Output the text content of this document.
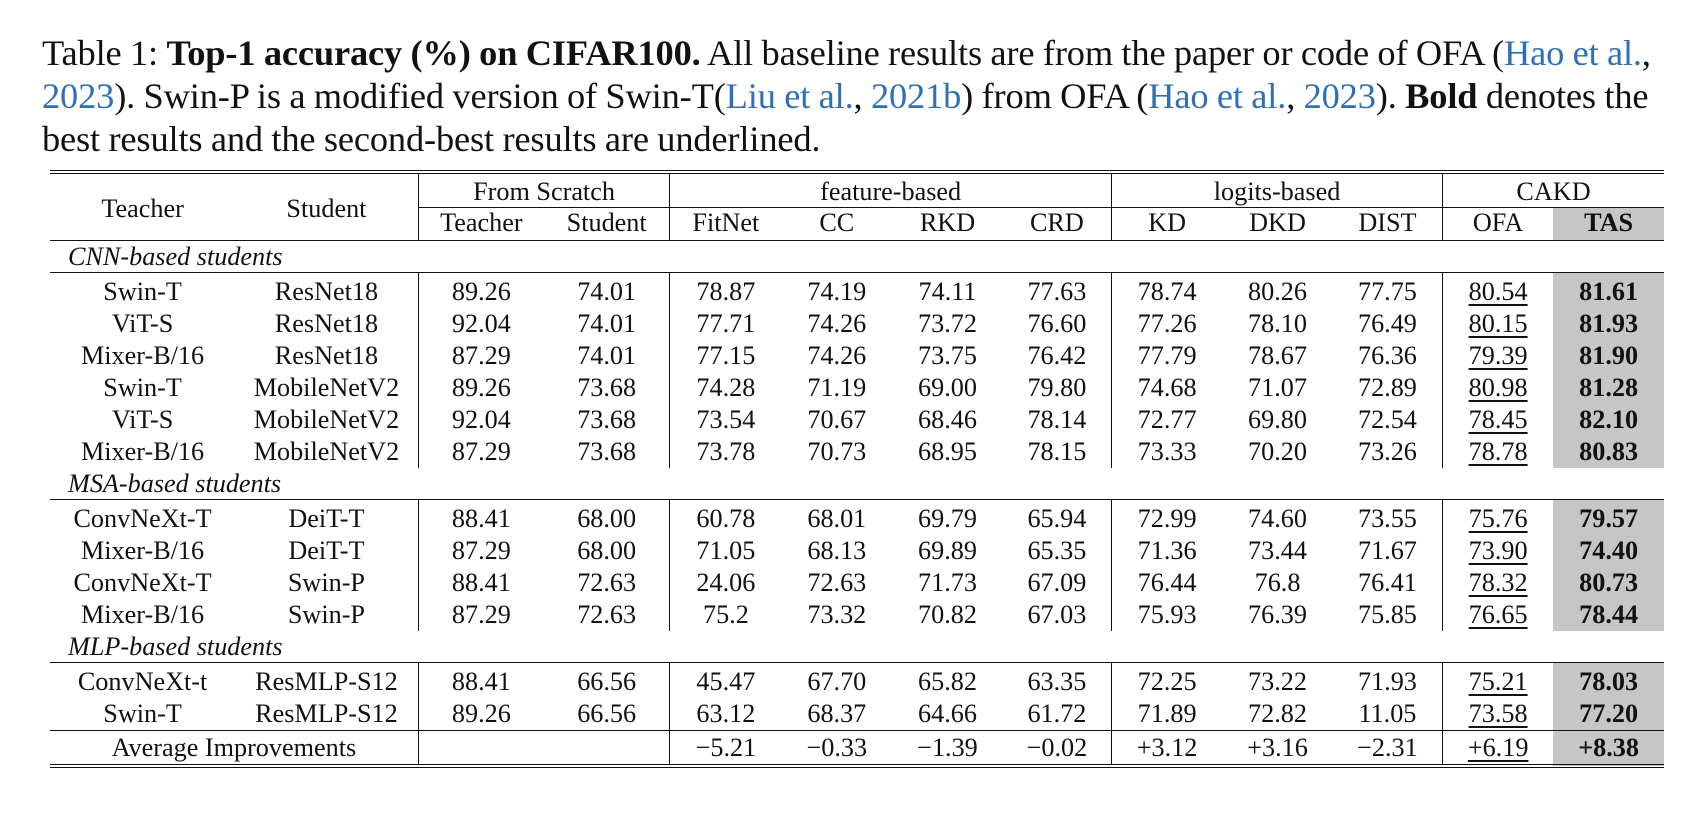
Table 1: Top-1 accuracy (%) on CIFAR100. All baseline results are from the paper or code of OFA (Hao et al., 2023). Swin-P is a modified version of Swin-T(Liu et al., 2021b) from OFA (Hao et al., 2023). Bold denotes the best results and the second-best results are underlined.
Teacher	Student	From Scratch		feature-based				logits-based			CAKD	
		Teacher	Student	FitNet	CC	RKD	CRD	KD	DKD	DIST	OFA	TAS
CNN-based students												
Swin-T	ResNet18	89.26	74.01	78.87	74.19	74.11	77.63	78.74	80.26	77.75	80.54	81.61
ViT-S	ResNet18	92.04	74.01	77.71	74.26	73.72	76.60	77.26	78.10	76.49	80.15	81.93
Mixer-B/16	ResNet18	87.29	74.01	77.15	74.26	73.75	76.42	77.79	78.67	76.36	79.39	81.90
Swin-T	MobileNetV2	89.26	73.68	74.28	71.19	69.00	79.80	74.68	71.07	72.89	80.98	81.28
ViT-S	MobileNetV2	92.04	73.68	73.54	70.67	68.46	78.14	72.77	69.80	72.54	78.45	82.10
Mixer-B/16	MobileNetV2	87.29	73.68	73.78	70.73	68.95	78.15	73.33	70.20	73.26	78.78	80.83
MSA-based students												
ConvNeXt-T	DeiT-T	88.41	68.00	60.78	68.01	69.79	65.94	72.99	74.60	73.55	75.76	79.57
Mixer-B/16	DeiT-T	87.29	68.00	71.05	68.13	69.89	65.35	71.36	73.44	71.67	73.90	74.40
ConvNeXt-T	Swin-P	88.41	72.63	24.06	72.63	71.73	67.09	76.44	76.8	76.41	78.32	80.73
Mixer-B/16	Swin-P	87.29	72.63	75.2	73.32	70.82	67.03	75.93	76.39	75.85	76.65	78.44
MLP-based students												
ConvNeXt-t	ResMLP-S12	88.41	66.56	45.47	67.70	65.82	63.35	72.25	73.22	71.93	75.21	78.03
Swin-T	ResMLP-S12	89.26	66.56	63.12	68.37	64.66	61.72	71.89	72.82	11.05	73.58	77.20
Average Improvements				−5.21	−0.33	−1.39	−0.02	+3.12	+3.16	−2.31	+6.19	+8.38
